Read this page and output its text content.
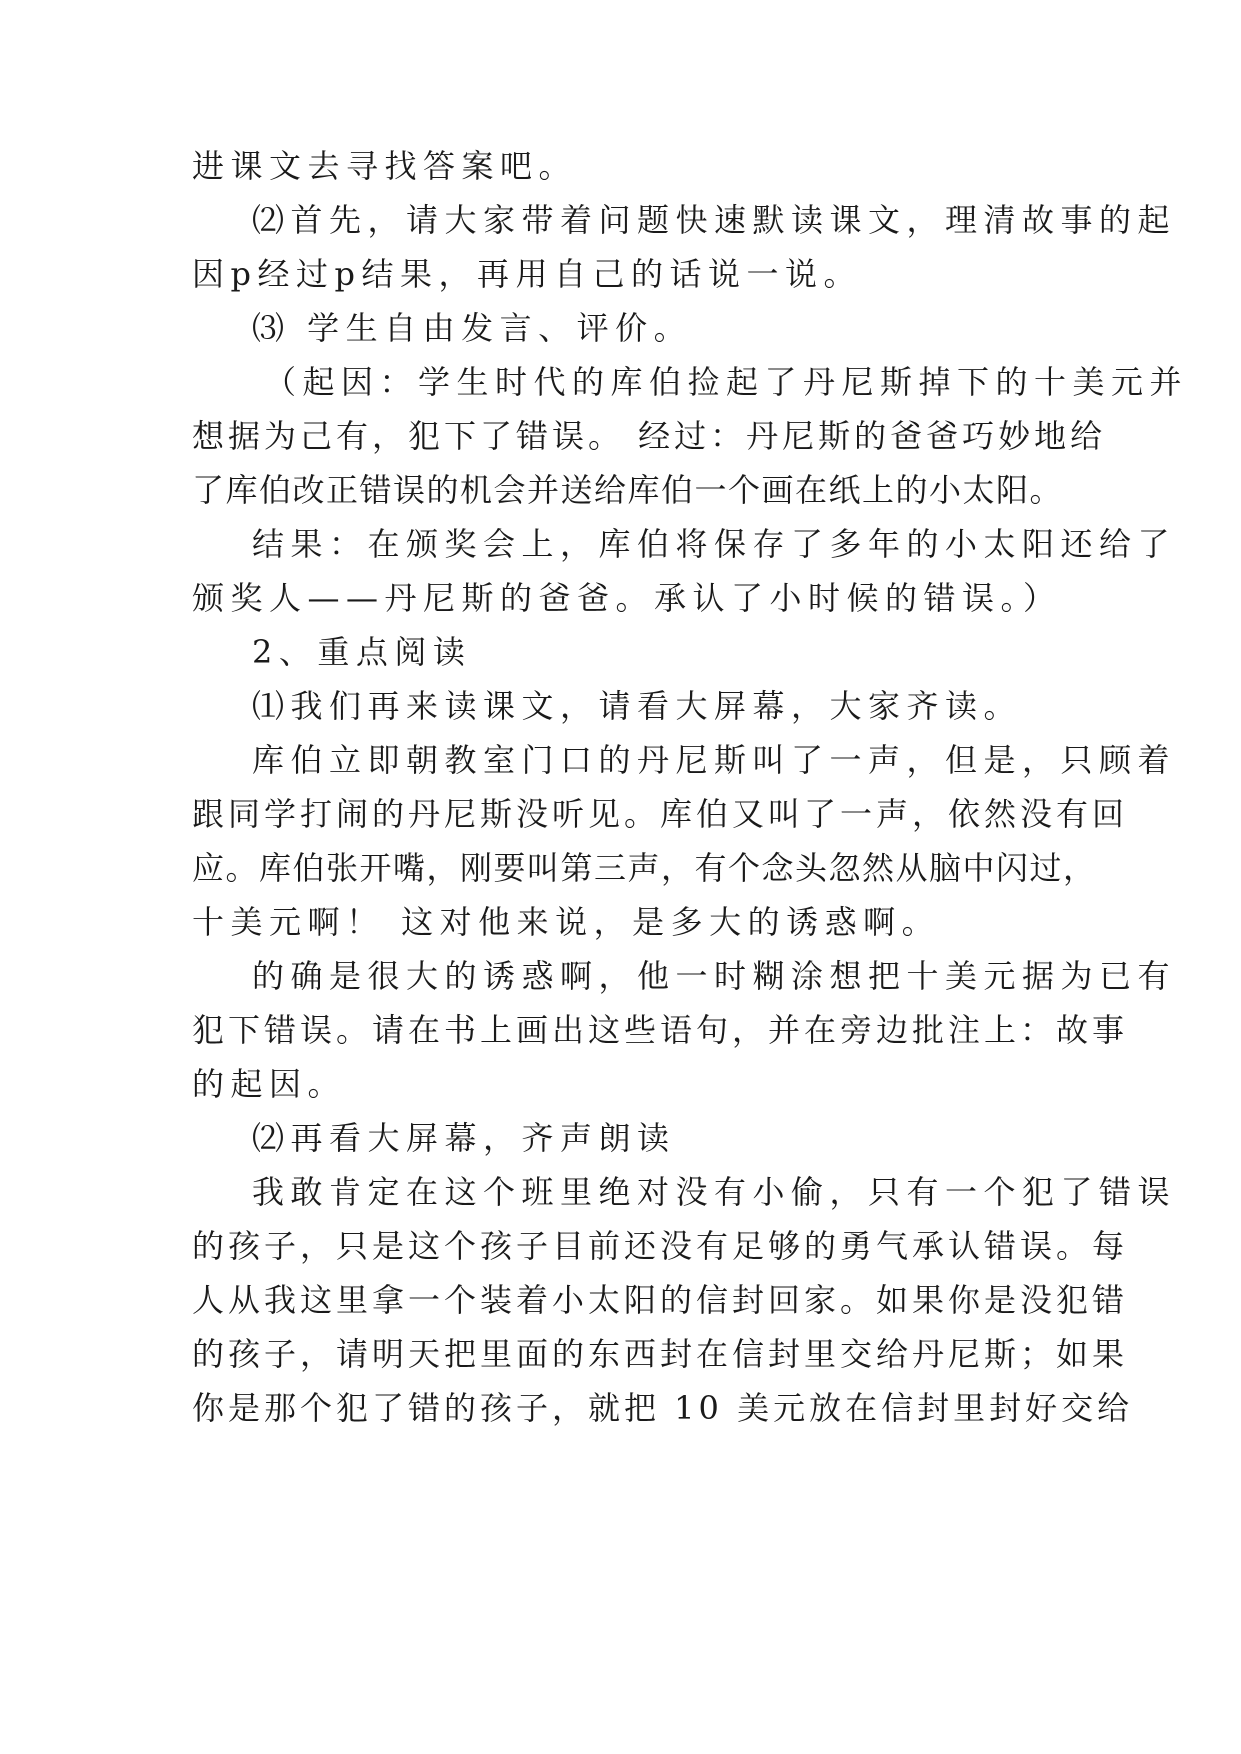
进课文去寻找答案吧。
⑵首先，请大家带着问题快速默读课文，理清故事的起
因p经过p结果，再用自己的话说一说。
⑶ 学生自由发言、评价。
（起因：学生时代的库伯捡起了丹尼斯掉下的十美元并
想据为己有，犯下了错误。 经过：丹尼斯的爸爸巧妙地给
了库伯改正错误的机会并送给库伯一个画在纸上的小太阳。
结果：在颁奖会上，库伯将保存了多年的小太阳还给了
颁奖人——丹尼斯的爸爸。承认了小时候的错误。）
2、重点阅读
⑴我们再来读课文，请看大屏幕，大家齐读。
库伯立即朝教室门口的丹尼斯叫了一声，但是，只顾着
跟同学打闹的丹尼斯没听见。库伯又叫了一声，依然没有回
应。库伯张开嘴，刚要叫第三声，有个念头忽然从脑中闪过，
十美元啊！ 这对他来说，是多大的诱惑啊。
的确是很大的诱惑啊，他一时糊涂想把十美元据为已有
犯下错误。请在书上画出这些语句，并在旁边批注上：故事
的起因。
⑵再看大屏幕，齐声朗读
我敢肯定在这个班里绝对没有小偷，只有一个犯了错误
的孩子，只是这个孩子目前还没有足够的勇气承认错误。每
人从我这里拿一个装着小太阳的信封回家。如果你是没犯错
的孩子，请明天把里面的东西封在信封里交给丹尼斯；如果
你是那个犯了错的孩子，就把 10 美元放在信封里封好交给
